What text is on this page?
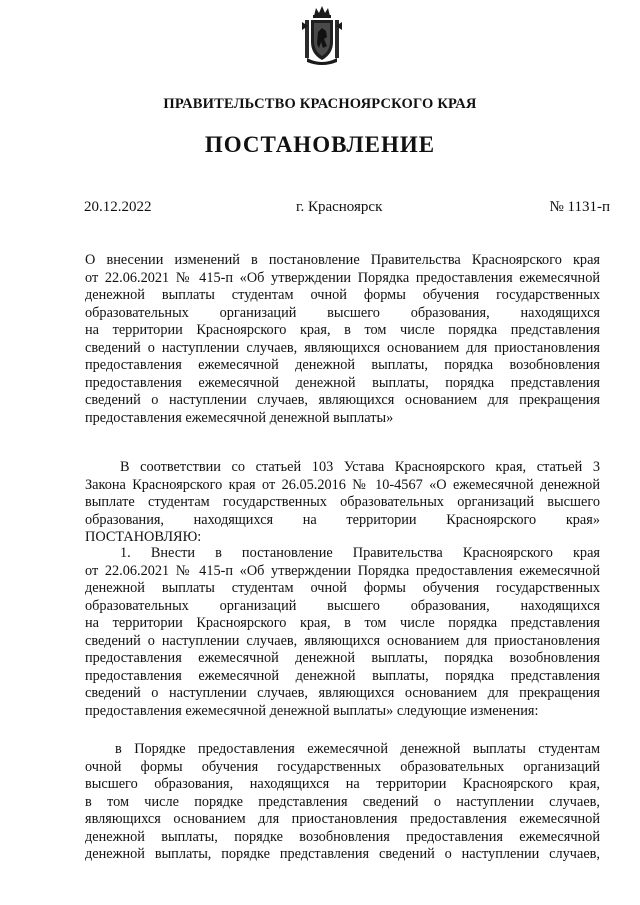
ПРАВИТЕЛЬСТВО КРАСНОЯРСКОГО КРАЯ
ПОСТАНОВЛЕНИЕ
20.12.2022	г. Красноярск	№ 1131-п
О внесении изменений в постановление Правительства Красноярского края
от 22.06.2021 № 415-п «Об утверждении Порядка предоставления ежемесячной
денежной выплаты студентам очной формы обучения государственных
образовательных организаций высшего образования, находящихся
на территории Красноярского края, в том числе порядка представления
сведений о наступлении случаев, являющихся основанием для приостановления
предоставления ежемесячной денежной выплаты, порядка возобновления
предоставления ежемесячной денежной выплаты, порядка представления
сведений о наступлении случаев, являющихся основанием для прекращения
предоставления ежемесячной денежной выплаты»
В соответствии со статьей 103 Устава Красноярского края, статьей 3
Закона Красноярского края от 26.05.2016 № 10-4567 «О ежемесячной денежной
выплате студентам государственных образовательных организаций высшего
образования, находящихся на территории Красноярского края»
ПОСТАНОВЛЯЮ:
1. Внести в постановление Правительства Красноярского края
от 22.06.2021 № 415-п «Об утверждении Порядка предоставления ежемесячной
денежной выплаты студентам очной формы обучения государственных
образовательных организаций высшего образования, находящихся
на территории Красноярского края, в том числе порядка представления
сведений о наступлении случаев, являющихся основанием для приостановления
предоставления ежемесячной денежной выплаты, порядка возобновления
предоставления ежемесячной денежной выплаты, порядка представления
сведений о наступлении случаев, являющихся основанием для прекращения
предоставления ежемесячной денежной выплаты» следующие изменения:
в Порядке предоставления ежемесячной денежной выплаты студентам
очной формы обучения государственных образовательных организаций
высшего образования, находящихся на территории Красноярского края,
в том числе порядке представления сведений о наступлении случаев,
являющихся основанием для приостановления предоставления ежемесячной
денежной выплаты, порядке возобновления предоставления ежемесячной
денежной выплаты, порядке представления сведений о наступлении случаев,
